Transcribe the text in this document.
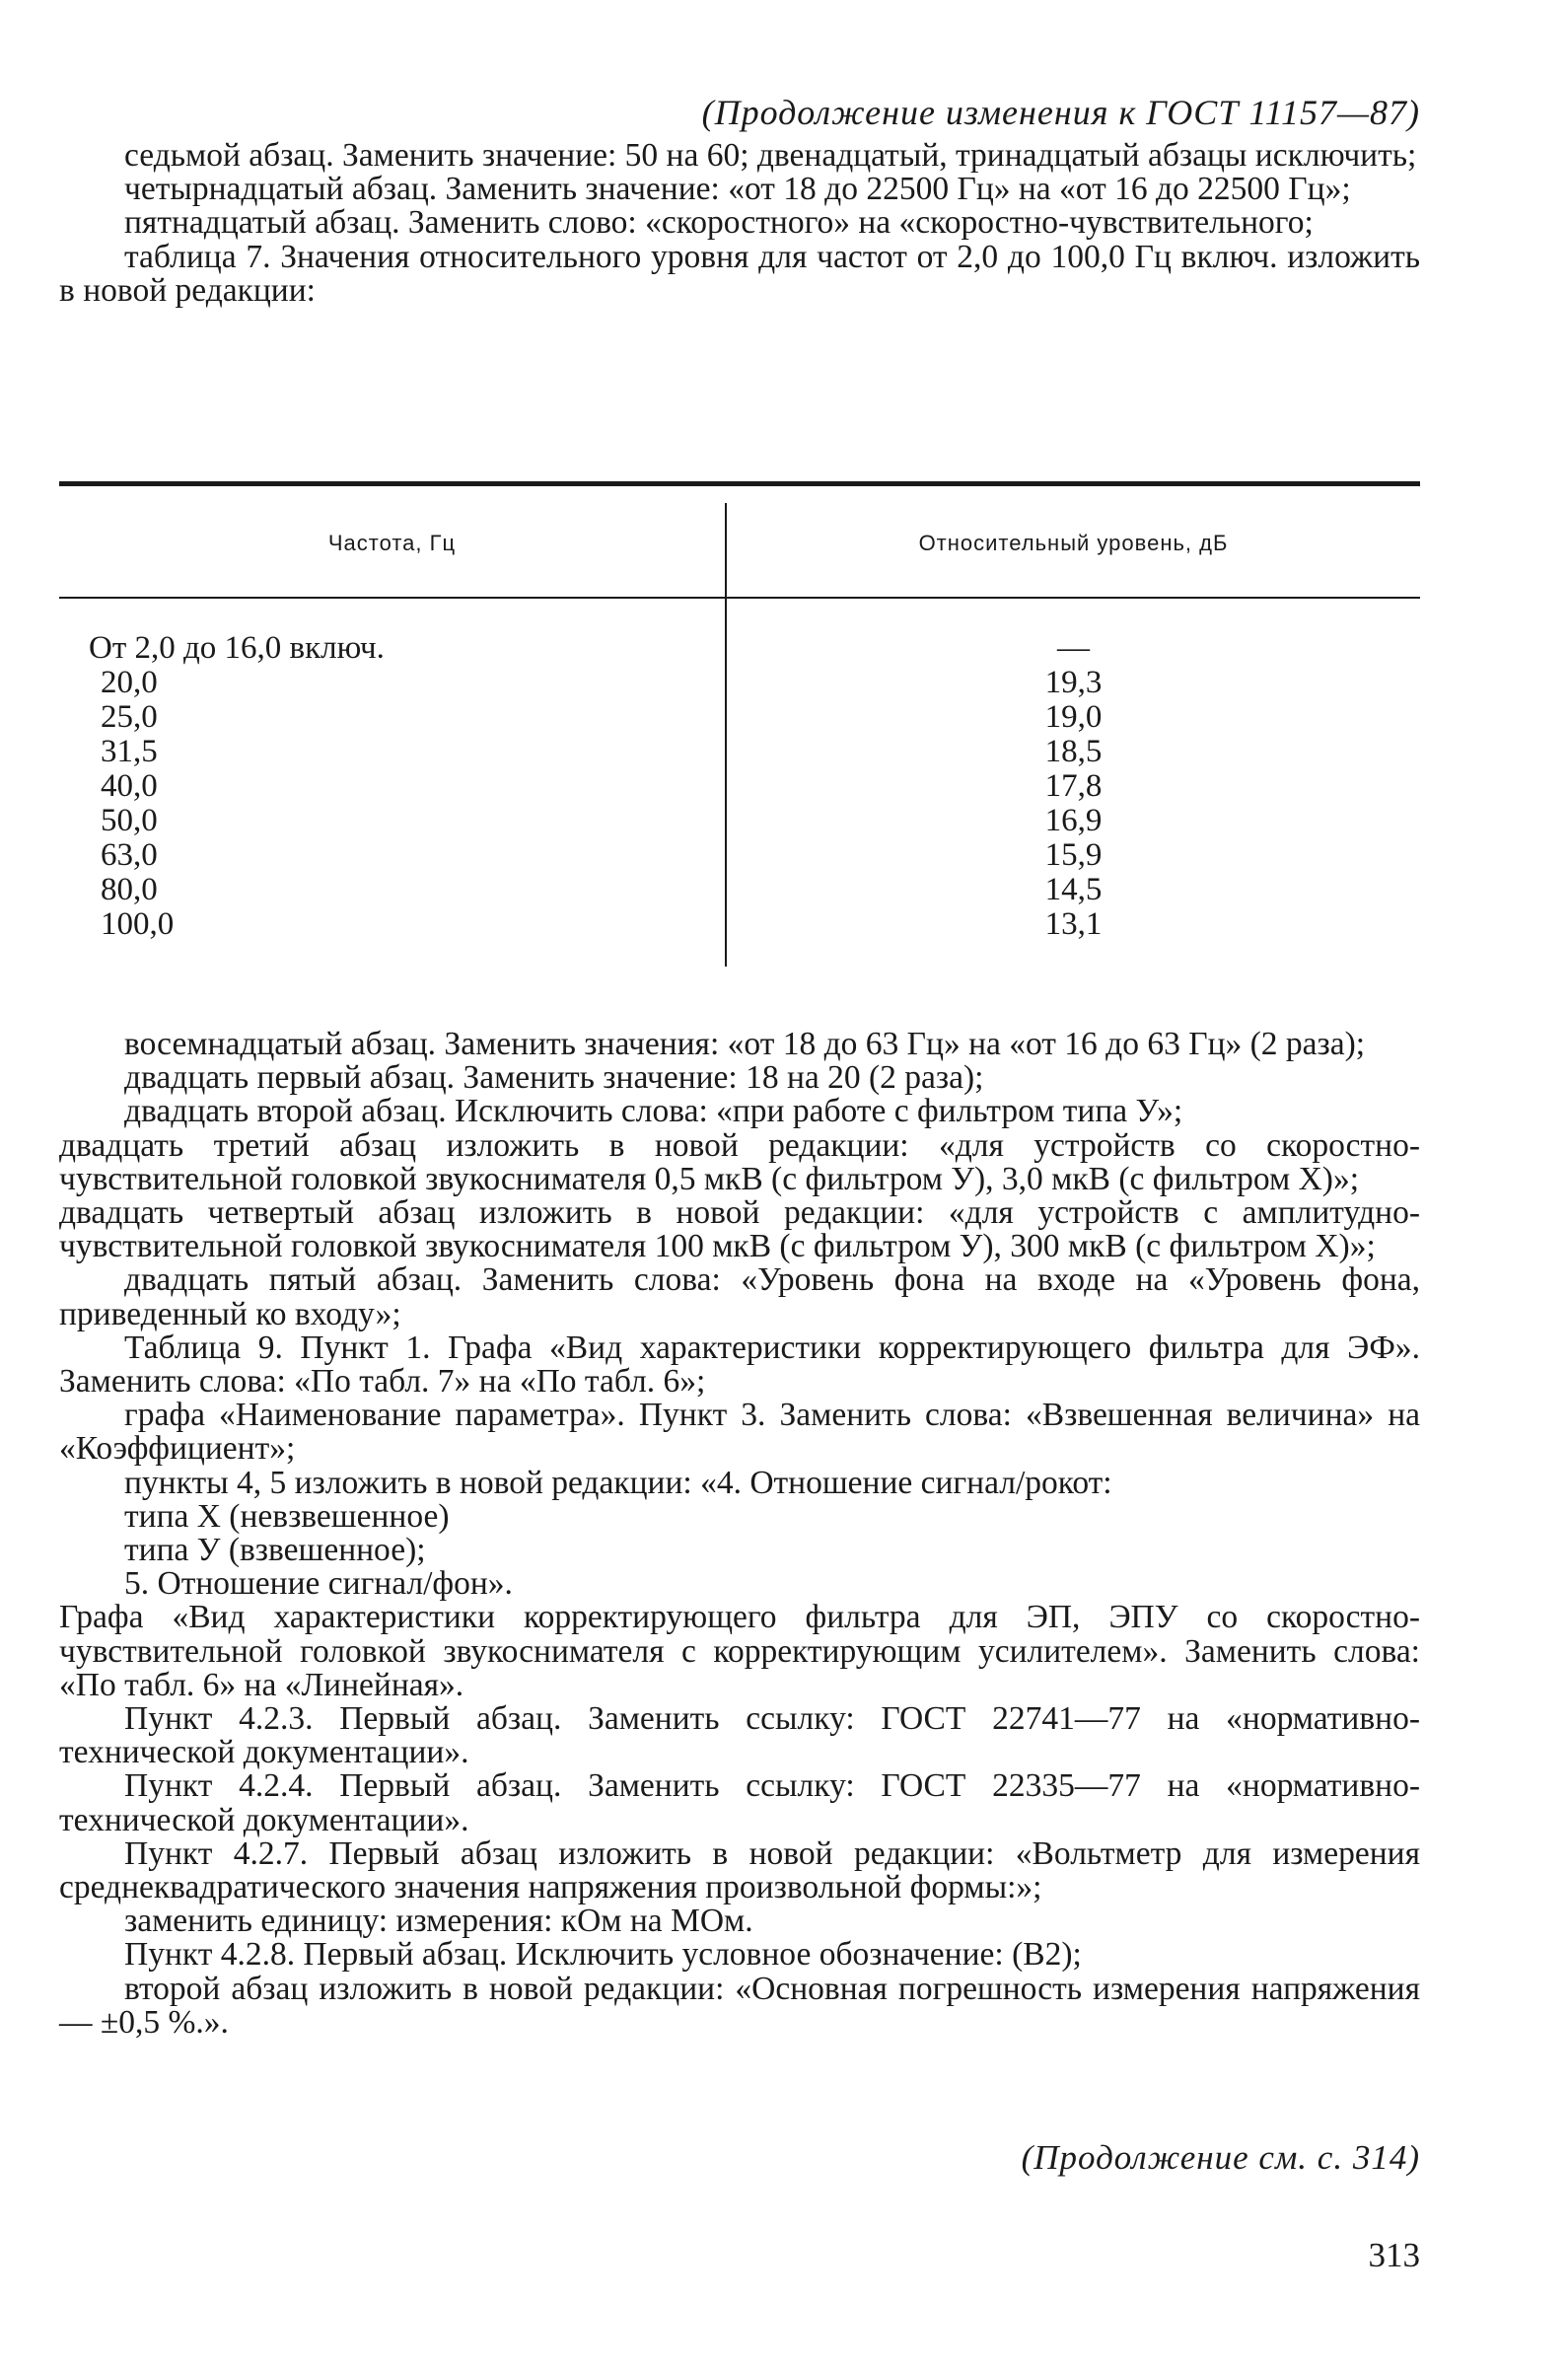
(Продолжение изменения к ГОСТ 11157—87)

седьмой абзац. Заменить значение: 50 на 60; двенадцатый, тринадцатый абзацы исключить;

четырнадцатый абзац. Заменить значение: «от 18 до 22500 Гц» на «от 16 до 22500 Гц»;

пятнадцатый абзац. Заменить слово: «скоростного» на «скоростно-чувствительного;

таблица 7. Значения относительного уровня для частот от 2,0 до 100,0 Гц включ. изложить в новой редакции:

Частота, Гц	Относительный уровень, дБ
От 2,0 до 16,0 включ.
20,0
25,0
31,5
40,0
50,0
63,0
80,0
100,0
—
19,3
19,0
18,5
17,8
16,9
15,9
14,5
13,1

восемнадцатый абзац. Заменить значения: «от 18 до 63 Гц» на «от 16 до 63 Гц» (2 раза);

двадцать первый абзац. Заменить значение: 18 на 20 (2 раза);

двадцать второй абзац. Исключить слова: «при работе с фильтром типа У»;

двадцать третий абзац изложить в новой редакции: «для устройств со скоростно-чувствительной головкой звукоснимателя 0,5 мкВ (с фильтром У), 3,0 мкВ (с фильтром Х)»;

двадцать четвертый абзац изложить в новой редакции: «для устройств с амплитудно-чувствительной головкой звукоснимателя 100 мкВ (с фильтром У), 300 мкВ (с фильтром Х)»;

двадцать пятый абзац. Заменить слова: «Уровень фона на входе на «Уровень фона, приведенный ко входу»;

Таблица 9. Пункт 1. Графа «Вид характеристики корректирующего фильтра для ЭФ». Заменить слова: «По табл. 7» на «По табл. 6»;

графа «Наименование параметра». Пункт 3. Заменить слова: «Взвешенная величина» на «Коэффициент»;

пункты 4, 5 изложить в новой редакции: «4. Отношение сигнал/рокот:

типа X (невзвешенное)

типа У (взвешенное);

5. Отношение сигнал/фон».

Графа «Вид характеристики корректирующего фильтра для ЭП, ЭПУ со скоростно-чувствительной головкой звукоснимателя с корректирующим усилителем». Заменить слова: «По табл. 6» на «Линейная».

Пункт 4.2.3. Первый абзац. Заменить ссылку: ГОСТ 22741—77 на «нормативно-технической документации».

Пункт 4.2.4. Первый абзац. Заменить ссылку: ГОСТ 22335—77 на «нормативно-технической документации».

Пункт 4.2.7. Первый абзац изложить в новой редакции: «Вольтметр для измерения среднеквадратического значения напряжения произвольной формы:»;

заменить единицу: измерения: кОм на МОм.

Пункт 4.2.8. Первый абзац. Исключить условное обозначение: (В2);

второй абзац изложить в новой редакции: «Основная погрешность измерения напряжения — ±0,5 %.».

(Продолжение см. с. 314)
313
